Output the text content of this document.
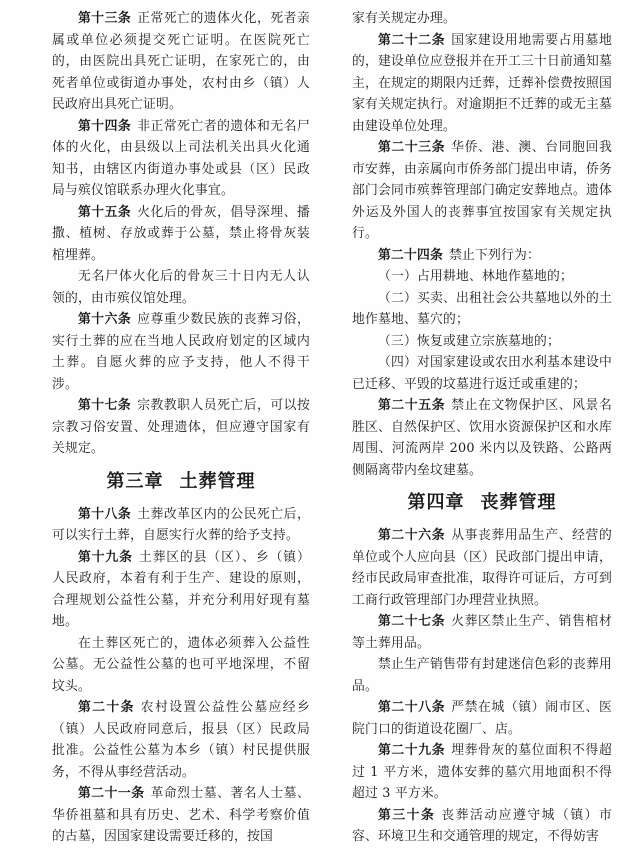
第十三条 正常死亡的遗体火化，死者亲属或单位必须提交死亡证明。在医院死亡的，由医院出具死亡证明，在家死亡的，由死者单位或街道办事处，农村由乡（镇）人民政府出具死亡证明。

第十四条 非正常死亡者的遗体和无名尸体的火化，由县级以上司法机关出具火化通知书，由辖区内街道办事处或县（区）民政局与殡仪馆联系办理火化事宜。

第十五条 火化后的骨灰，倡导深埋、播撒、植树、存放或葬于公墓，禁止将骨灰装棺埋葬。

无名尸体火化后的骨灰三十日内无人认领的，由市殡仪馆处理。

第十六条 应尊重少数民族的丧葬习俗，实行土葬的应在当地人民政府划定的区域内土葬。自愿火葬的应予支持，他人不得干涉。

第十七条 宗教教职人员死亡后，可以按宗教习俗安置、处理遗体，但应遵守国家有关规定。

第三章 土葬管理

第十八条 土葬改革区内的公民死亡后，可以实行土葬，自愿实行火葬的给予支持。

第十九条 土葬区的县（区）、乡（镇）人民政府，本着有利于生产、建设的原则，合理规划公益性公墓，并充分利用好现有墓地。

在土葬区死亡的，遗体必须葬入公益性公墓。无公益性公墓的也可平地深埋，不留坟头。

第二十条 农村设置公益性公墓应经乡（镇）人民政府同意后，报县（区）民政局批准。公益性公墓为本乡（镇）村民提供服务，不得从事经营活动。

第二十一条 革命烈士墓、著名人士墓、华侨祖墓和具有历史、艺术、科学考察价值的古墓，因国家建设需要迁移的，按国

家有关规定办理。

第二十二条 国家建设用地需要占用墓地的，建设单位应登报并在开工三十日前通知墓主，在规定的期限内迁葬，迁葬补偿费按照国家有关规定执行。对逾期拒不迁葬的或无主墓由建设单位处理。

第二十三条 华侨、港、澳、台同胞回我市安葬，由亲属向市侨务部门提出申请，侨务部门会同市殡葬管理部门确定安葬地点。遗体外运及外国人的丧葬事宜按国家有关规定执行。

第二十四条 禁止下列行为：

（一）占用耕地、林地作墓地的；

（二）买卖、出租社会公共墓地以外的土地作墓地、墓穴的；

（三）恢复或建立宗族墓地的；

（四）对国家建设或农田水利基本建设中已迁移、平毁的坟墓进行返迁或重建的；

第二十五条 禁止在文物保护区、风景名胜区、自然保护区、饮用水资源保护区和水库周围、河流两岸 200 米内以及铁路、公路两侧隔离带内垒坟建墓。

第四章 丧葬管理

第二十六条 从事丧葬用品生产、经营的单位或个人应向县（区）民政部门提出申请，经市民政局审查批准，取得许可证后，方可到工商行政管理部门办理营业执照。

第二十七条 火葬区禁止生产、销售棺材等土葬用品。

禁止生产销售带有封建迷信色彩的丧葬用品。

第二十八条 严禁在城（镇）闹市区、医院门口的街道设花圈厂、店。

第二十九条 埋葬骨灰的墓位面积不得超过 1 平方米，遗体安葬的墓穴用地面积不得超过 3 平方米。

第三十条 丧葬活动应遵守城（镇）市容、环境卫生和交通管理的规定，不得妨害
